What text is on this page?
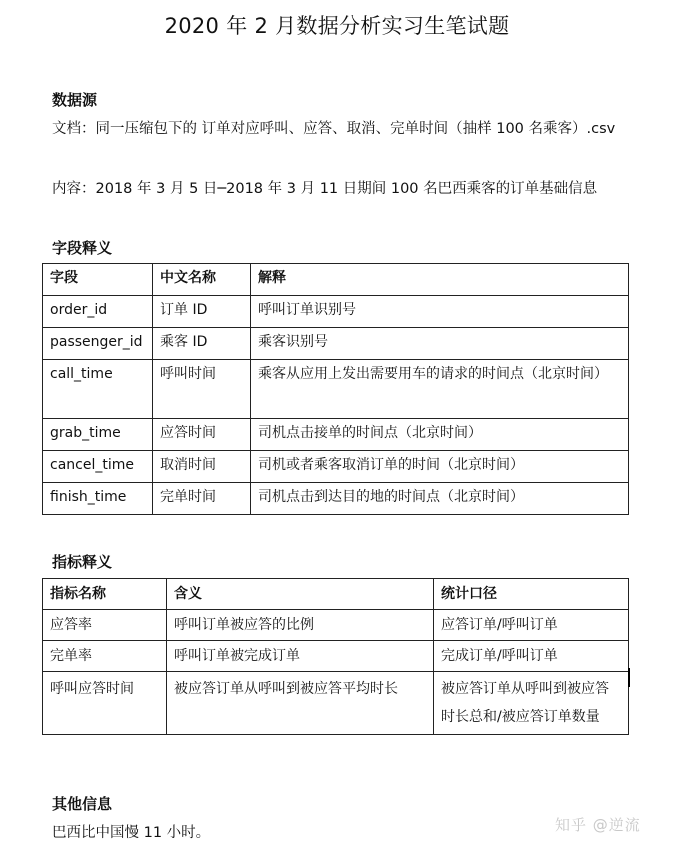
2020 年 2 月数据分析实习生笔试题
数据源
文档：同一压缩包下的 订单对应呼叫、应答、取消、完单时间（抽样 100 名乘客）.csv
内容：2018 年 3 月 5 日─2018 年 3 月 11 日期间 100 名巴西乘客的订单基础信息
字段释义
字段	中文名称	解释
order_id	订单 ID	呼叫订单识别号
passenger_id	乘客 ID	乘客识别号
call_time	呼叫时间	乘客从应用上发出需要用车的请求的时间点（北京时间）
grab_time	应答时间	司机点击接单的时间点（北京时间）
cancel_time	取消时间	司机或者乘客取消订单的时间（北京时间）
finish_time	完单时间	司机点击到达目的地的时间点（北京时间）
指标释义
指标名称	含义	统计口径
应答率	呼叫订单被应答的比例	应答订单/呼叫订单
完单率	呼叫订单被完成订单	完成订单/呼叫订单
呼叫应答时间	被应答订单从呼叫到被应答平均时长	被应答订单从呼叫到被应答时长总和/被应答订单数量
其他信息
巴西比中国慢 11 小时。	知乎 @逆流
